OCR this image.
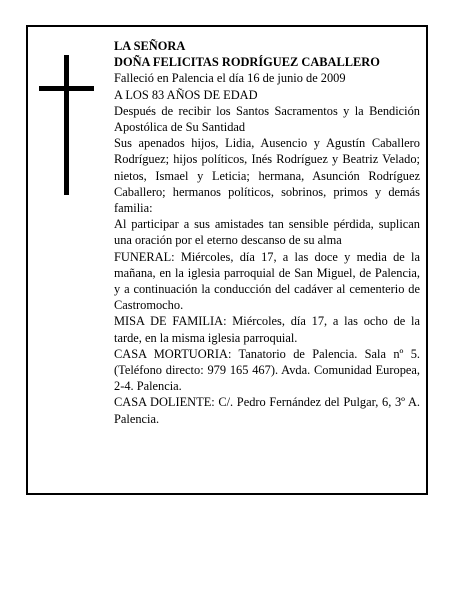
LA SEÑORA
DOÑA FELICITAS RODRÍGUEZ CABALLERO
Falleció en Palencia el día 16 de junio de 2009
A LOS 83 AÑOS DE EDAD
Después de recibir los Santos Sacramentos y la Bendición Apostólica de Su Santidad
Sus apenados hijos, Lidia, Ausencio y Agustín Caballero Rodríguez; hijos políticos, Inés Rodríguez y Beatriz Velado; nietos, Ismael y Leticia; hermana, Asunción Rodríguez Caballero; hermanos políticos, sobrinos, primos y demás familia:
Al participar a sus amistades tan sensible pérdida, suplican una oración por el eterno descanso de su alma
FUNERAL: Miércoles, día 17, a las doce y media de la mañana, en la iglesia parroquial de San Miguel, de Palencia, y a continuación la conducción del cadáver al cementerio de Castromocho.
MISA DE FAMILIA: Miércoles, día 17, a las ocho de la tarde, en la misma iglesia parroquial.
CASA MORTUORIA: Tanatorio de Palencia. Sala nº 5. (Teléfono directo: 979 165 467). Avda. Comunidad Europea, 2-4. Palencia.
CASA DOLIENTE: C/. Pedro Fernández del Pulgar, 6, 3º A. Palencia.
